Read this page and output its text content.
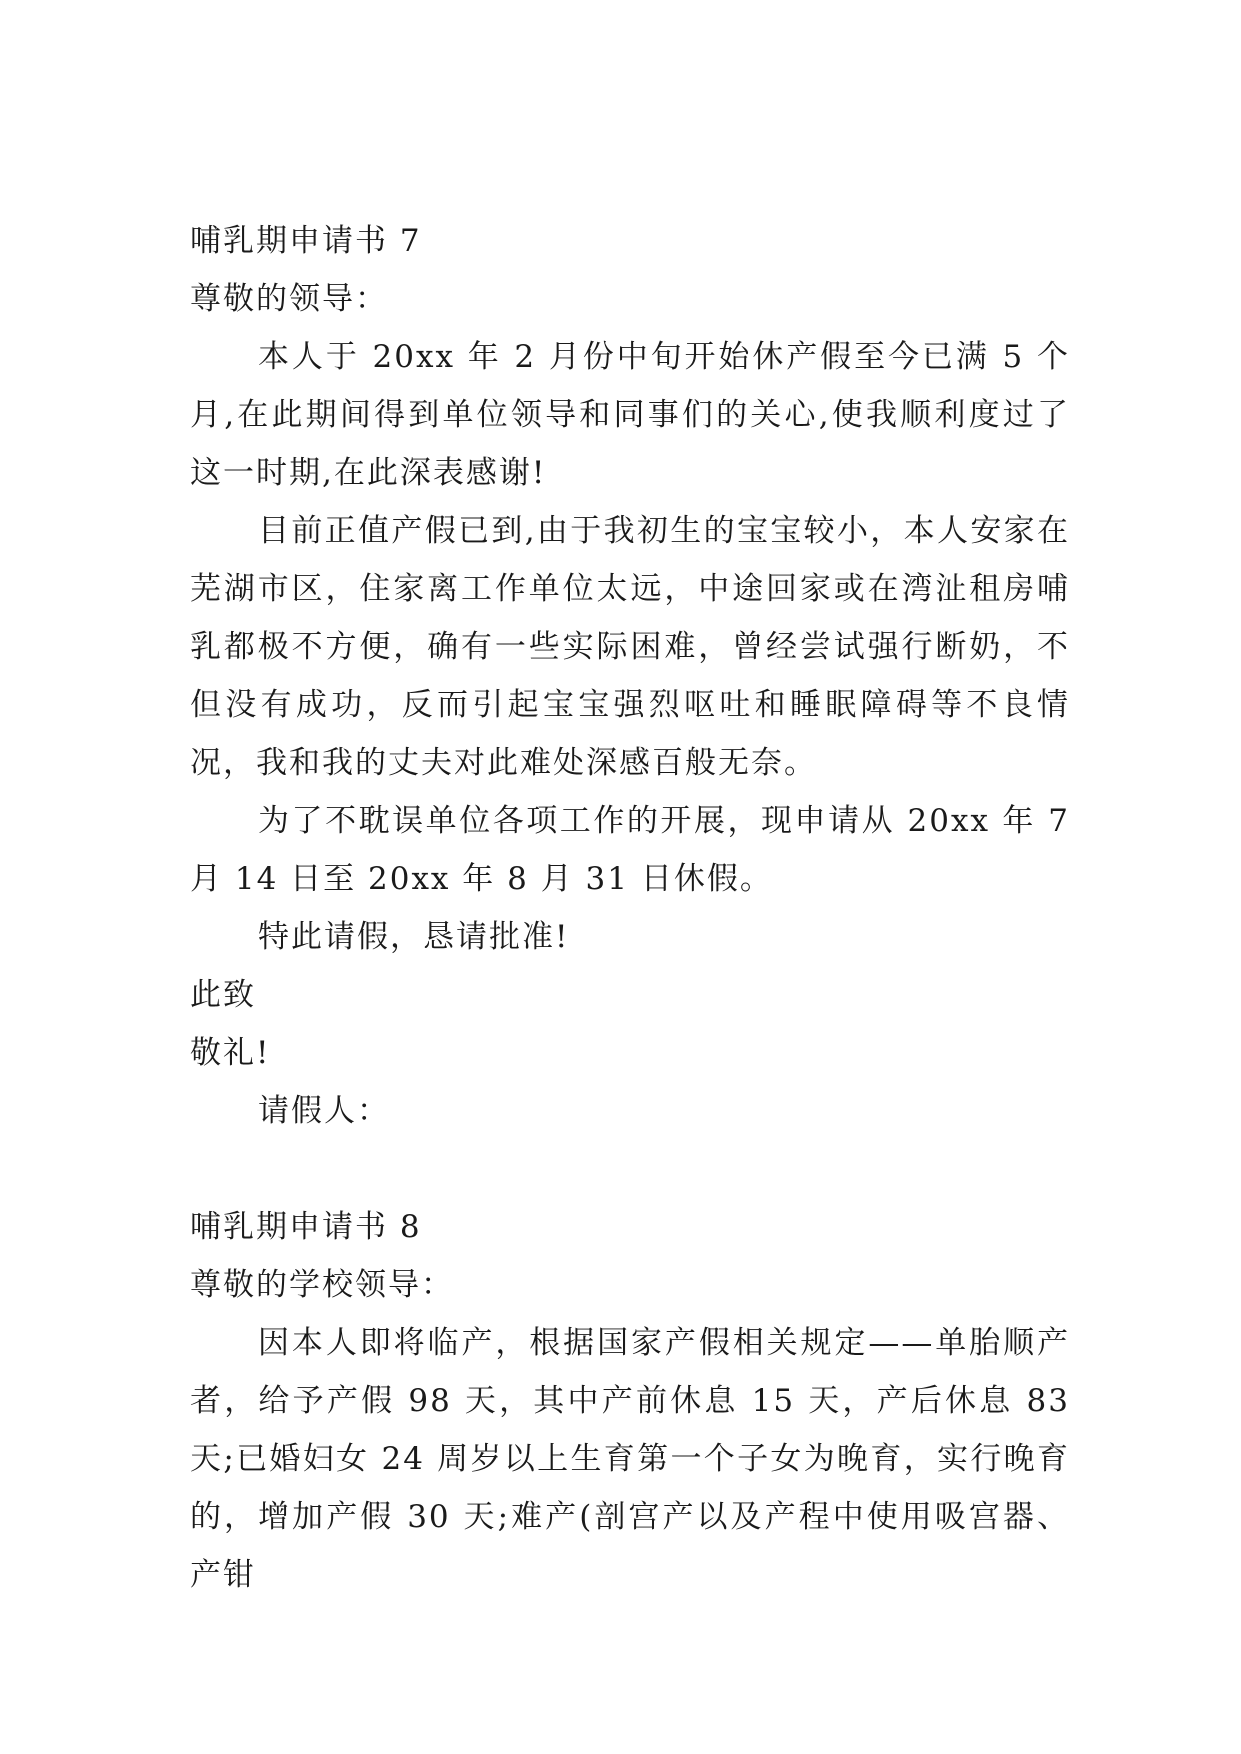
哺乳期申请书 7
尊敬的领导：

本人于 20xx 年 2 月份中旬开始休产假至今已满 5 个月,在此期间得到单位领导和同事们的关心,使我顺利度过了这一时期,在此深表感谢!

目前正值产假已到,由于我初生的宝宝较小，本人安家在芜湖市区，住家离工作单位太远，中途回家或在湾沚租房哺乳都极不方便，确有一些实际困难，曾经尝试强行断奶，不但没有成功，反而引起宝宝强烈呕吐和睡眠障碍等不良情况，我和我的丈夫对此难处深感百般无奈。

为了不耽误单位各项工作的开展，现申请从 20xx 年 7 月 14 日至 20xx 年 8 月 31 日休假。

特此请假，恳请批准!

此致
敬礼!
请假人：
哺乳期申请书 8
尊敬的学校领导：

因本人即将临产，根据国家产假相关规定——单胎顺产者，给予产假 98 天，其中产前休息 15 天，产后休息 83 天;已婚妇女 24 周岁以上生育第一个子女为晚育，实行晚育的，增加产假 30 天;难产(剖宫产以及产程中使用吸宫器、产钳
